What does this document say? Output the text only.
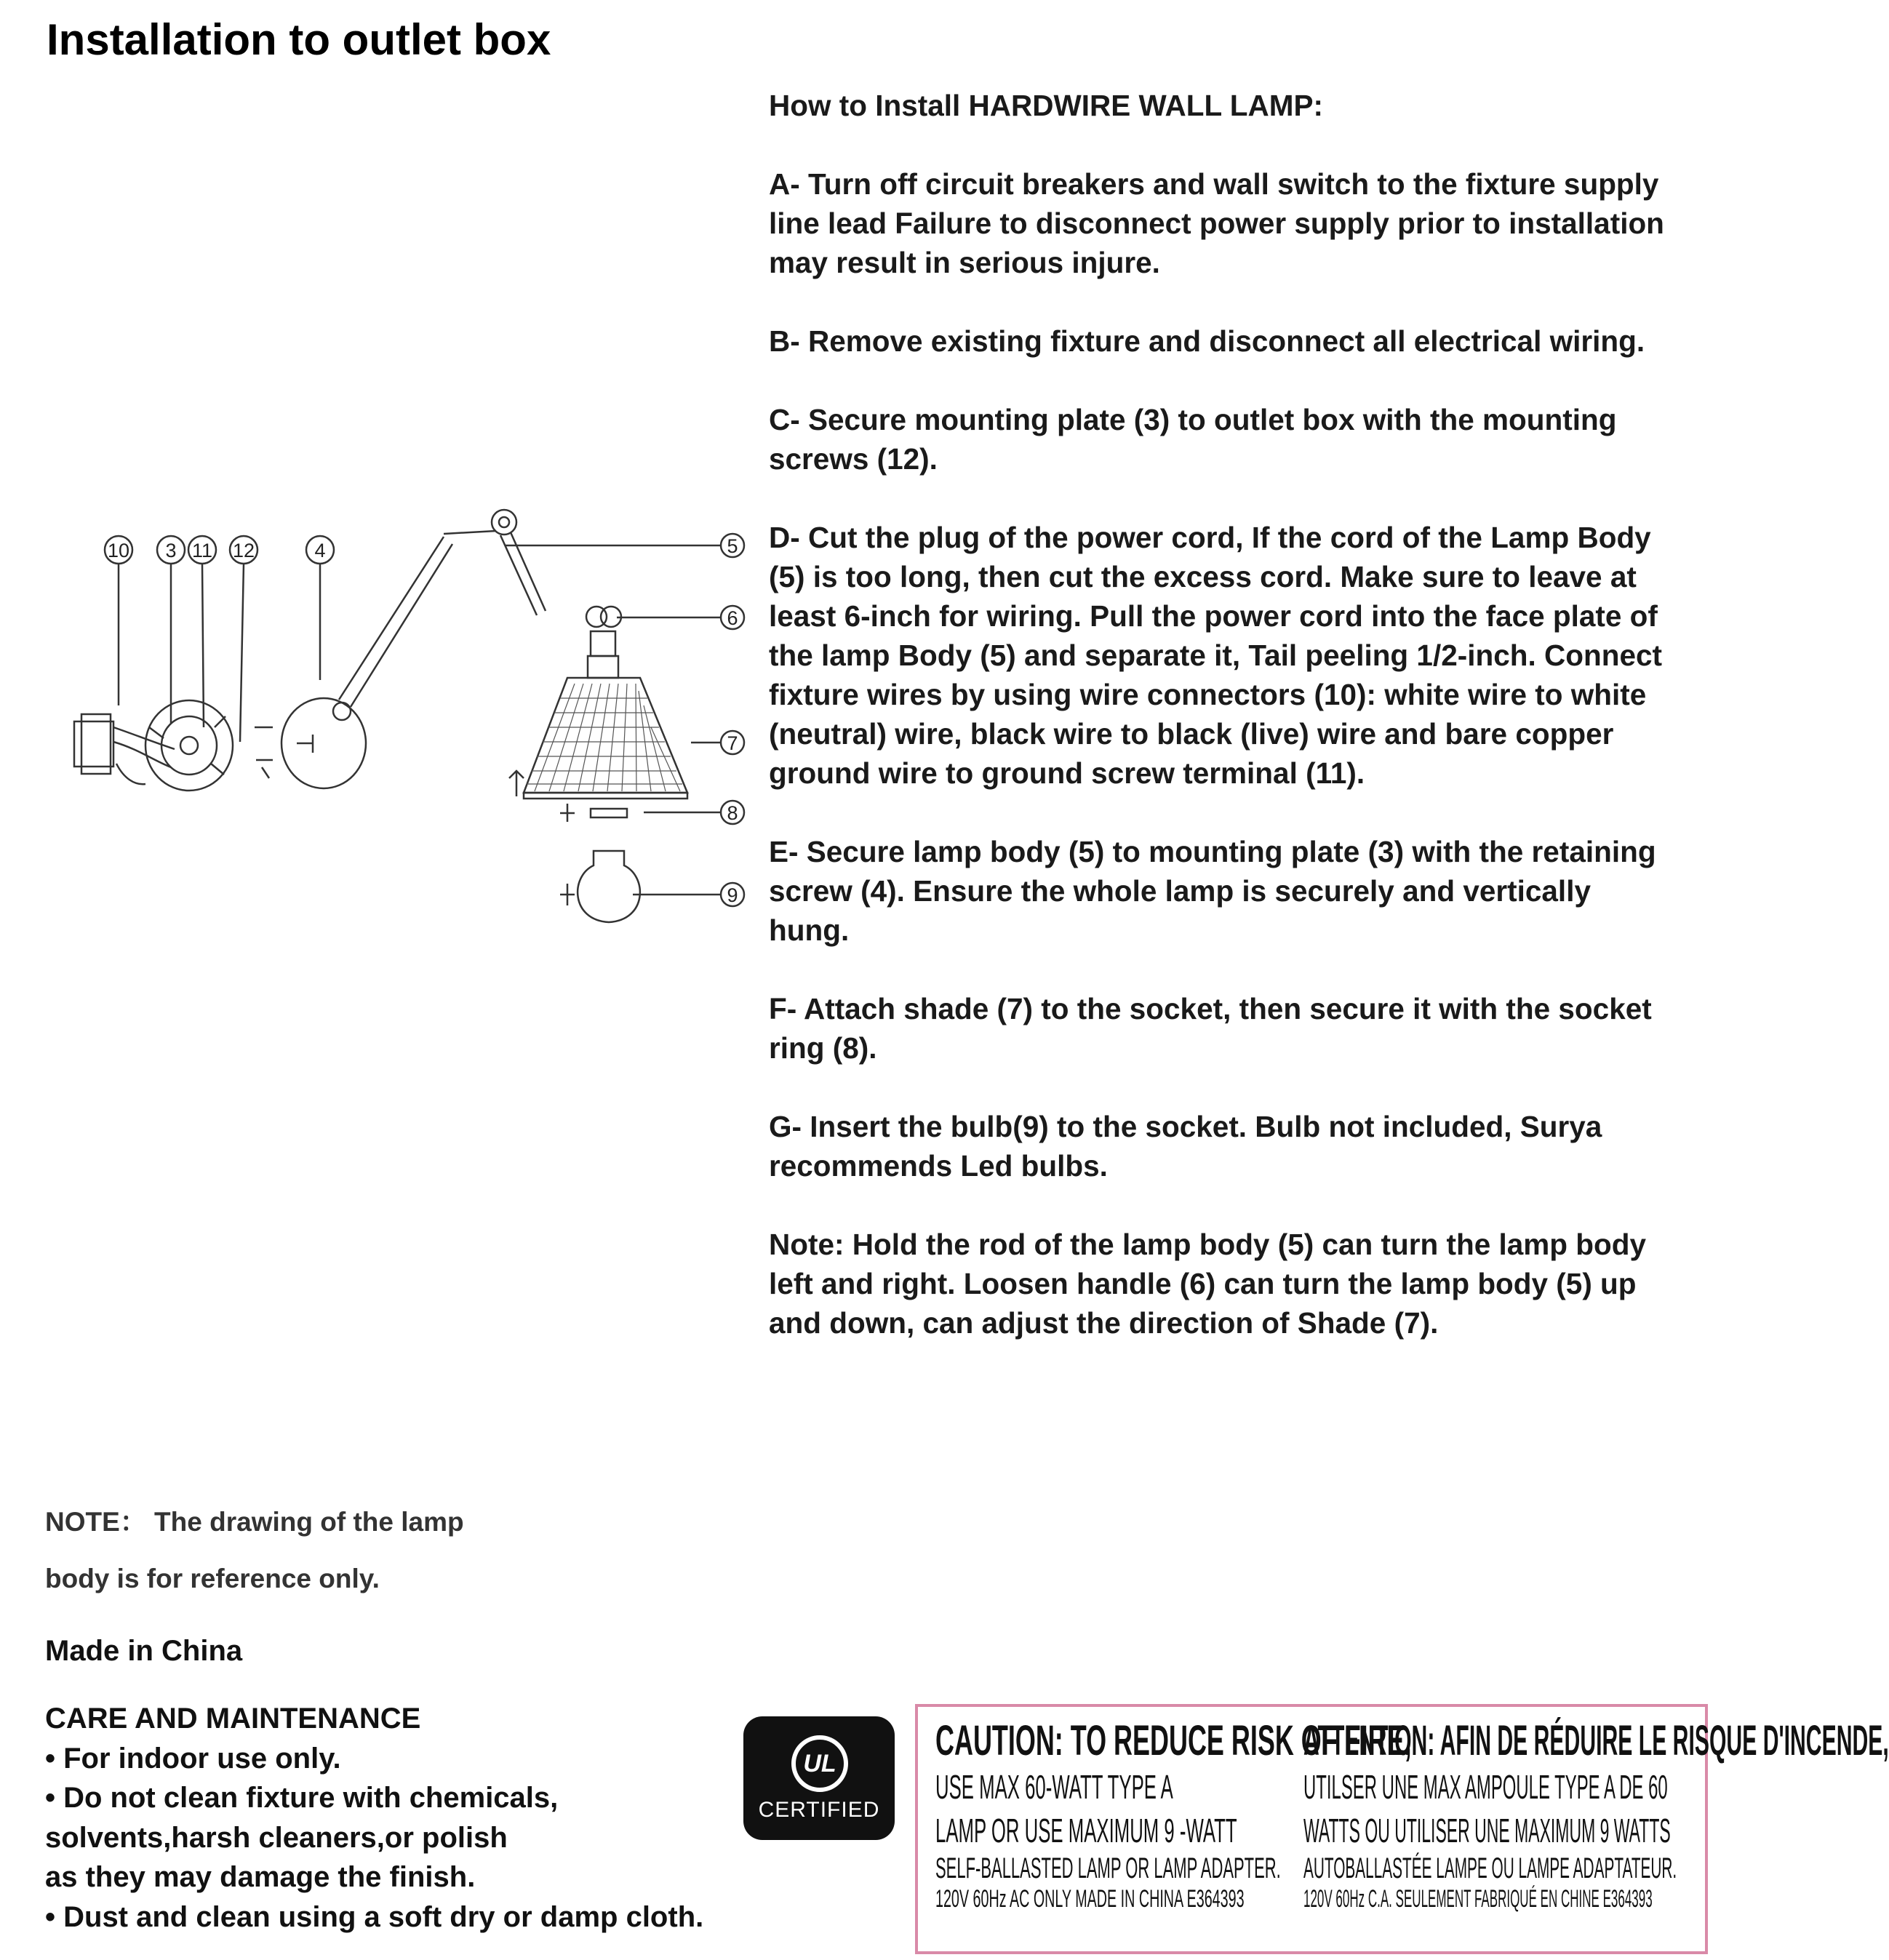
Installation to outlet box

How to Install HARDWIRE WALL LAMP:

A- Turn off circuit breakers and wall switch to the fixture supply
line lead Failure to disconnect power supply prior to installation
may result in serious injure.

B- Remove existing fixture and disconnect all electrical wiring.

C- Secure mounting plate (3) to outlet box with the mounting
screws (12).

D- Cut the plug of the power cord, If the cord of the Lamp Body
(5) is too long, then cut the excess cord. Make sure to leave at
least 6-inch for wiring. Pull the power cord into the face plate of
the lamp Body (5) and separate it, Tail peeling 1/2-inch. Connect
fixture wires by using wire connectors (10): white wire to white
(neutral) wire, black wire to black (live) wire and bare copper
ground wire to ground screw terminal (11).

E- Secure lamp body (5) to mounting plate (3) with the retaining
screw (4). Ensure the whole lamp is securely and vertically
hung.

F- Attach shade (7) to the socket, then secure it with the socket
ring (8).

G- Insert the bulb(9) to the socket. Bulb not included, Surya
recommends Led bulbs.

Note: Hold the rod of the lamp body (5) can turn the lamp body
left and right. Loosen handle (6) can turn the lamp body (5) up
and down, can adjust the direction of Shade (7).

10 3 11 12	4	5
6
7
8
9
NOTE： The drawing of the lamp
body is for reference only.
Made in China
CARE AND MAINTENANCE
• For indoor use only.
• Do not clean fixture with chemicals,
solvents,harsh cleaners,or polish
as they may damage the finish.
• Dust and clean using a soft dry or damp cloth.
UL
CERTIFIED
CAUTION: TO REDUCE RISK OF FIRE,
USE MAX 60-WATT TYPE A
LAMP OR USE MAXIMUM 9 -WATT
SELF-BALLASTED LAMP OR LAMP ADAPTER.
120V 60Hz AC ONLY MADE IN CHINA E364393
ATTENTION: AFIN DE RÉDUIRE LE RISQUE D'INCENDE,
UTILSER UNE MAX AMPOULE TYPE A DE 60
WATTS OU UTILISER UNE MAXIMUM 9 WATTS
AUTOBALLASTÉE LAMPE OU LAMPE ADAPTATEUR.
120V 60Hz C.A. SEULEMENT FABRIQUÉ EN CHINE E364393
